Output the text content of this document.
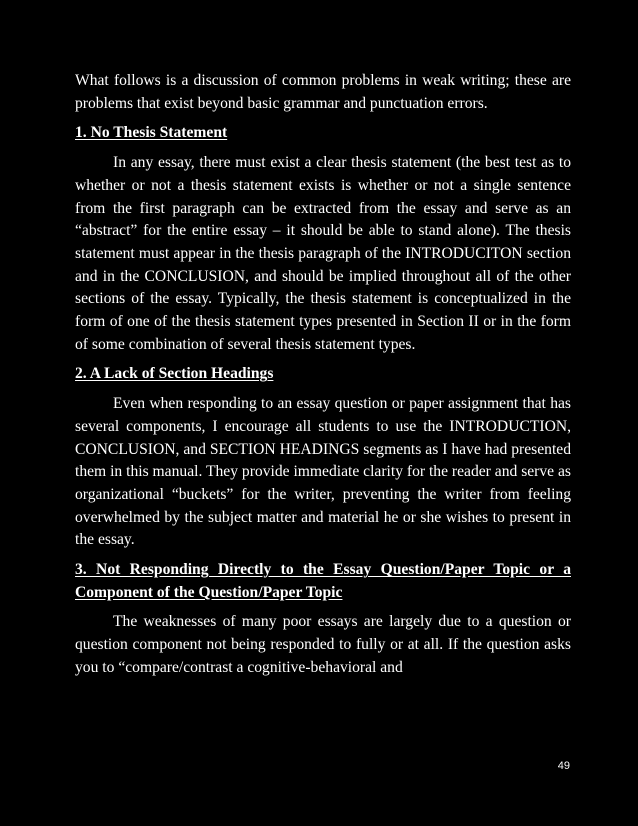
What follows is a discussion of common problems in weak writing; these are problems that exist beyond basic grammar and punctuation errors.

1. No Thesis Statement

In any essay, there must exist a clear thesis statement (the best test as to whether or not a thesis statement exists is whether or not a single sentence from the first paragraph can be extracted from the essay and serve as an “abstract” for the entire essay – it should be able to stand alone). The thesis statement must appear in the thesis paragraph of the INTRODUCITON section and in the CONCLUSION, and should be implied throughout all of the other sections of the essay. Typically, the thesis statement is conceptualized in the form of one of the thesis statement types presented in Section II or in the form of some combination of several thesis statement types.

2. A Lack of Section Headings

Even when responding to an essay question or paper assignment that has several components, I encourage all students to use the INTRODUCTION, CONCLUSION, and SECTION HEADINGS segments as I have had presented them in this manual. They provide immediate clarity for the reader and serve as organizational “buckets” for the writer, preventing the writer from feeling overwhelmed by the subject matter and material he or she wishes to present in the essay.

3. Not Responding Directly to the Essay Question/Paper Topic or a Component of the Question/Paper Topic

The weaknesses of many poor essays are largely due to a question or question component not being responded to fully or at all. If the question asks you to “compare/contrast a cognitive-behavioral and

49
